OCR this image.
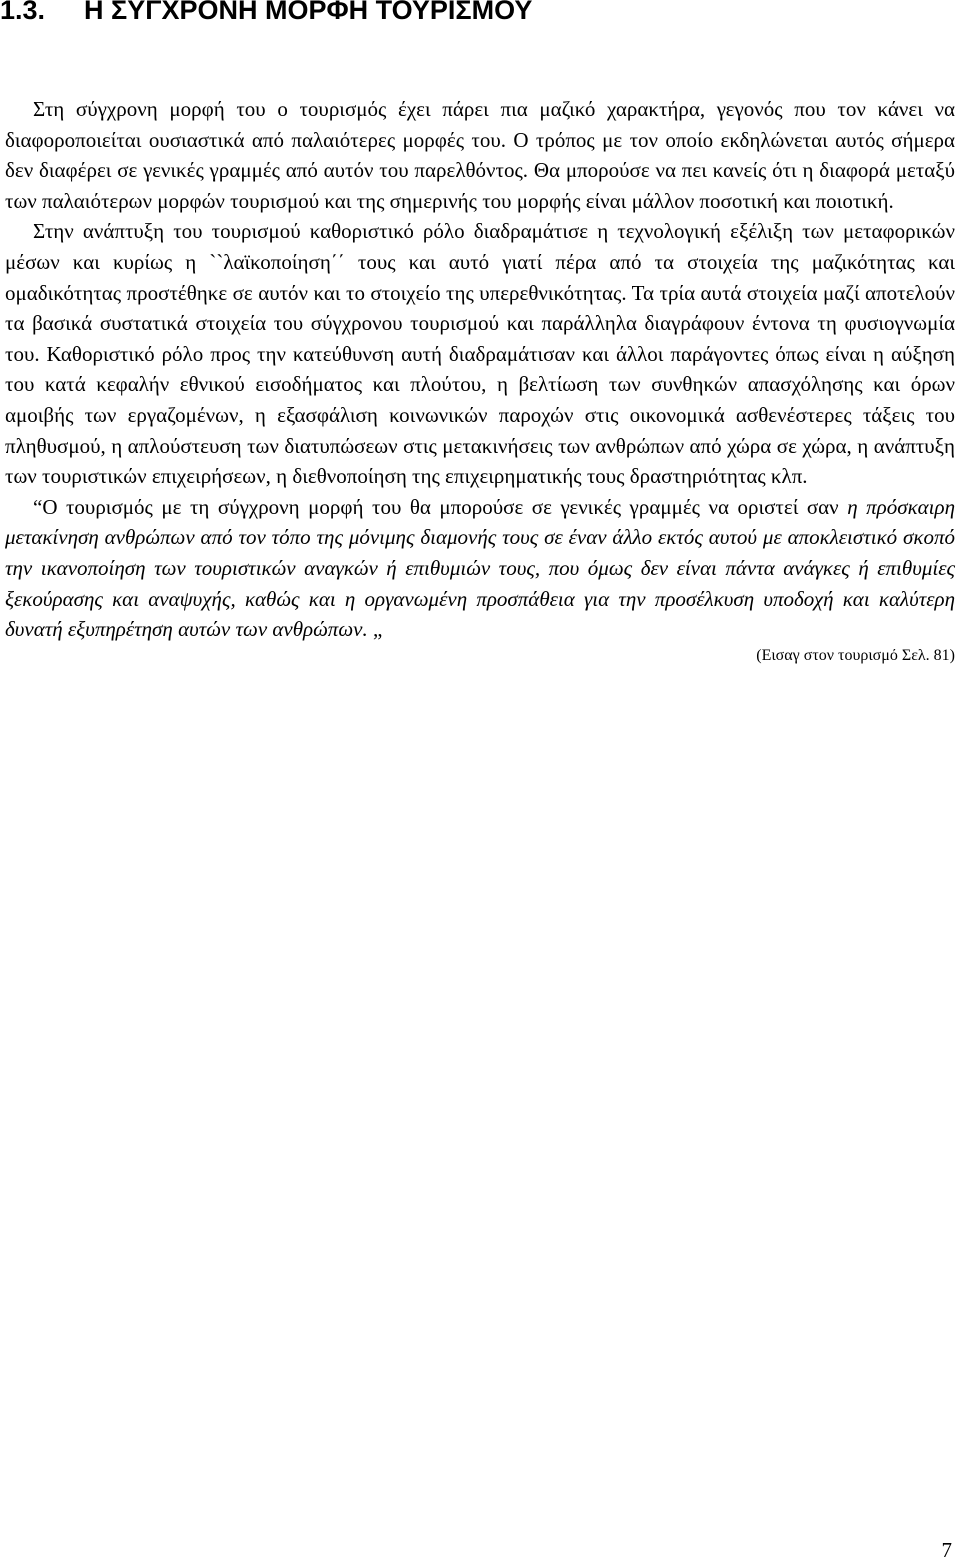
1.3. Η ΣΥΓΧΡΟΝΗ ΜΟΡΦΗ ΤΟΥΡΙΣΜΟΥ

Στη σύγχρονη μορφή του ο τουρισμός έχει πάρει πια μαζικό χαρακτήρα, γεγονός που τον κάνει να διαφοροποιείται ουσιαστικά από παλαιότερες μορφές του. Ο τρόπος με τον οποίο εκδηλώνεται αυτός σήμερα δεν διαφέρει σε γενικές γραμμές από αυτόν του παρελθόντος. Θα μπορούσε να πει κανείς ότι η διαφορά μεταξύ των παλαιότερων μορφών τουρισμού και της σημερινής του μορφής είναι μάλλον ποσοτική και ποιοτική.

Στην ανάπτυξη του τουρισμού καθοριστικό ρόλο διαδραμάτισε η τεχνολογική εξέλιξη των μεταφορικών μέσων και κυρίως η ``λαϊκοποίηση΄΄ τους και αυτό γιατί πέρα από τα στοιχεία της μαζικότητας και ομαδικότητας προστέθηκε σε αυτόν και το στοιχείο της υπερεθνικότητας. Τα τρία αυτά στοιχεία μαζί αποτελούν τα βασικά συστατικά στοιχεία του σύγχρονου τουρισμού και παράλληλα διαγράφουν έντονα τη φυσιογνωμία του. Καθοριστικό ρόλο προς την κατεύθυνση αυτή διαδραμάτισαν και άλλοι παράγοντες όπως είναι η αύξηση του κατά κεφαλήν εθνικού εισοδήματος και πλούτου, η βελτίωση των συνθηκών απασχόλησης και όρων αμοιβής των εργαζομένων, η εξασφάλιση κοινωνικών παροχών στις οικονομικά ασθενέστερες τάξεις του πληθυσμού, η απλούστευση των διατυπώσεων στις μετακινήσεις των ανθρώπων από χώρα σε χώρα, η ανάπτυξη των τουριστικών επιχειρήσεων, η διεθνοποίηση της επιχειρηματικής τους δραστηριότητας κλπ.

“Ο τουρισμός με τη σύγχρονη μορφή του θα μπορούσε σε γενικές γραμμές να οριστεί σαν η πρόσκαιρη μετακίνηση ανθρώπων από τον τόπο της μόνιμης διαμονής τους σε έναν άλλο εκτός αυτού με αποκλειστικό σκοπό την ικανοποίηση των τουριστικών αναγκών ή επιθυμιών τους, που όμως δεν είναι πάντα ανάγκες ή επιθυμίες ξεκούρασης και αναψυχής, καθώς και η οργανωμένη προσπάθεια για την προσέλκυση υποδοχή και καλύτερη δυνατή εξυπηρέτηση αυτών των ανθρώπων. „

(Εισαγ στον τουρισμό Σελ. 81)

7
